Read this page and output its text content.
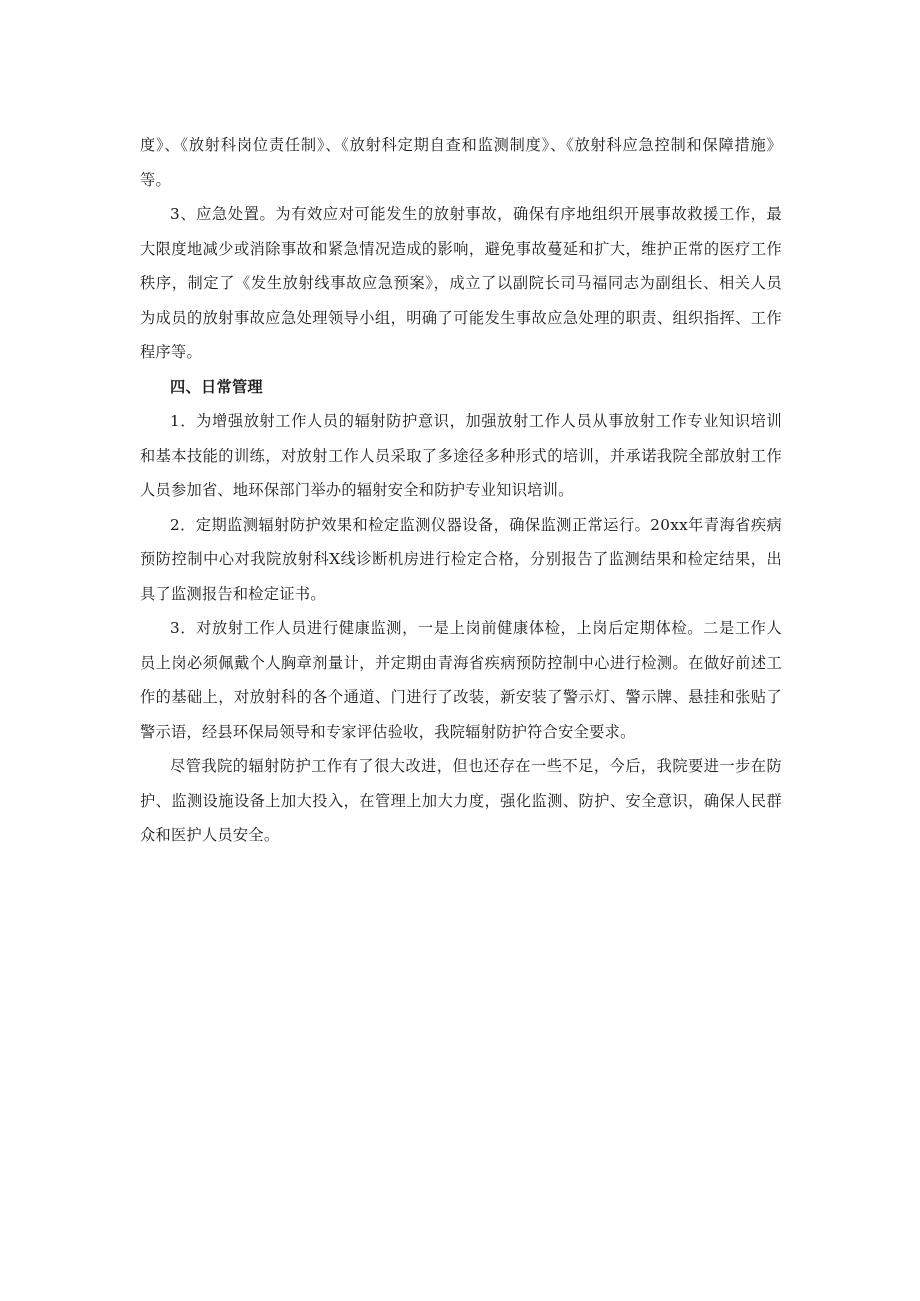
度》、《放射科岗位责任制》、《放射科定期自查和监测制度》、《放射科应急控制和保障措施》等。

3、应急处置。为有效应对可能发生的放射事故，确保有序地组织开展事故救援工作，最大限度地减少或消除事故和紧急情况造成的影响，避免事故蔓延和扩大，维护正常的医疗工作秩序，制定了《发生放射线事故应急预案》，成立了以副院长司马福同志为副组长、相关人员为成员的放射事故应急处理领导小组，明确了可能发生事故应急处理的职责、组织指挥、工作程序等。

四、日常管理

1．为增强放射工作人员的辐射防护意识，加强放射工作人员从事放射工作专业知识培训和基本技能的训练，对放射工作人员采取了多途径多种形式的培训，并承诺我院全部放射工作人员参加省、地环保部门举办的辐射安全和防护专业知识培训。

2．定期监测辐射防护效果和检定监测仪器设备，确保监测正常运行。20xx年青海省疾病预防控制中心对我院放射科X线诊断机房进行检定合格，分别报告了监测结果和检定结果，出具了监测报告和检定证书。

3．对放射工作人员进行健康监测，一是上岗前健康体检，上岗后定期体检。二是工作人员上岗必须佩戴个人胸章剂量计，并定期由青海省疾病预防控制中心进行检测。在做好前述工作的基础上，对放射科的各个通道、门进行了改装，新安装了警示灯、警示牌、悬挂和张贴了警示语，经县环保局领导和专家评估验收，我院辐射防护符合安全要求。

尽管我院的辐射防护工作有了很大改进，但也还存在一些不足，今后，我院要进一步在防护、监测设施设备上加大投入，在管理上加大力度，强化监测、防护、安全意识，确保人民群众和医护人员安全。
